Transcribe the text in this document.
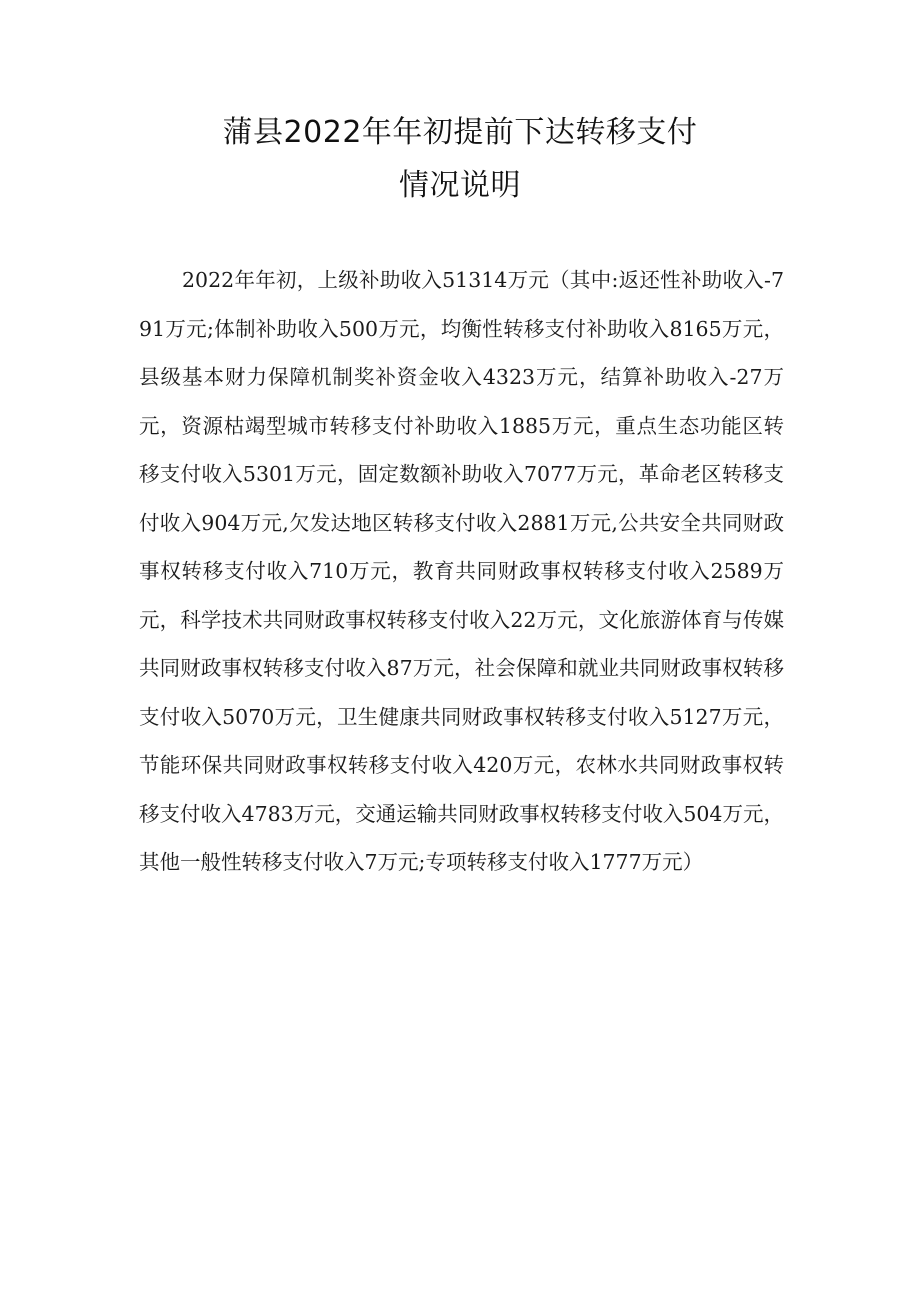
蒲县2022年年初提前下达转移支付
情况说明

2022年年初，上级补助收入51314万元（其中:返还性补助收入-791万元;体制补助收入500万元，均衡性转移支付补助收入8165万元，县级基本财力保障机制奖补资金收入4323万元，结算补助收入-27万元，资源枯竭型城市转移支付补助收入1885万元，重点生态功能区转移支付收入5301万元，固定数额补助收入7077万元，革命老区转移支付收入904万元,欠发达地区转移支付收入2881万元,公共安全共同财政事权转移支付收入710万元，教育共同财政事权转移支付收入2589万元，科学技术共同财政事权转移支付收入22万元，文化旅游体育与传媒共同财政事权转移支付收入87万元，社会保障和就业共同财政事权转移支付收入5070万元，卫生健康共同财政事权转移支付收入5127万元，节能环保共同财政事权转移支付收入420万元，农林水共同财政事权转移支付收入4783万元，交通运输共同财政事权转移支付收入504万元，其他一般性转移支付收入7万元;专项转移支付收入1777万元）
